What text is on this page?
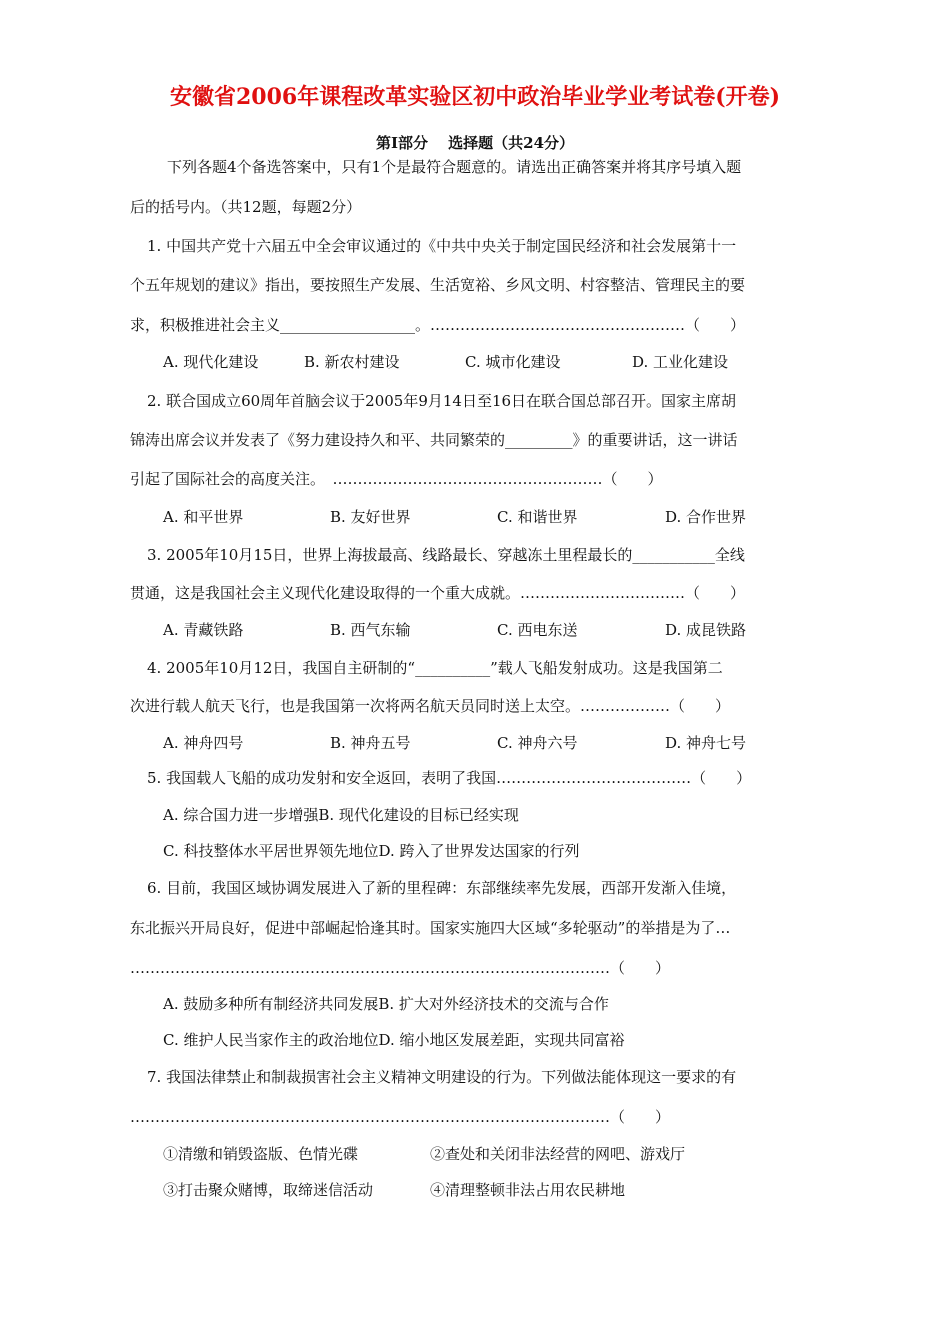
安徽省2006年课程改革实验区初中政治毕业学业考试卷(开卷)
第Ⅰ部分　 选择题（共24分）
下列各题4个备选答案中，只有1个是最符合题意的。请选出正确答案并将其序号填入题
后的括号内。（共12题，每题2分）
1. 中国共产党十六届五中全会审议通过的《中共中央关于制定国民经济和社会发展第十一
个五年规划的建议》指出，要按照生产发展、生活宽裕、乡风文明、村容整洁、管理民主的要
求，积极推进社会主义__________________。……………………………………………（　　）
A. 现代化建设	B. 新农村建设	C. 城市化建设	D. 工业化建设
2. 联合国成立60周年首脑会议于2005年9月14日至16日在联合国总部召开。国家主席胡
锦涛出席会议并发表了《努力建设持久和平、共同繁荣的_________》的重要讲话，这一讲话
引起了国际社会的高度关注。　………………………………………………（　　）
A. 和平世界	B. 友好世界	C. 和谐世界	D. 合作世界
3. 2005年10月15日，世界上海拔最高、线路最长、穿越冻土里程最长的___________全线
贯通，这是我国社会主义现代化建设取得的一个重大成就。……………………………（　　）
A. 青藏铁路	B. 西气东输	C. 西电东送	D. 成昆铁路
4. 2005年10月12日，我国自主研制的“__________”载人飞船发射成功。这是我国第二
次进行载人航天飞行，也是我国第一次将两名航天员同时送上太空。………………（　　）
A. 神舟四号	B. 神舟五号	C. 神舟六号	D. 神舟七号
5. 我国载人飞船的成功发射和安全返回，表明了我国…………………………………（　　）
A. 综合国力进一步增强B. 现代化建设的目标已经实现
C. 科技整体水平居世界领先地位D. 跨入了世界发达国家的行列
6. 目前，我国区域协调发展进入了新的里程碑：东部继续率先发展，西部开发渐入佳境，
东北振兴开局良好，促进中部崛起恰逢其时。国家实施四大区域“多轮驱动”的举措是为了…
……………………………………………………………………………………（　　）
A. 鼓励多种所有制经济共同发展B. 扩大对外经济技术的交流与合作
C. 维护人民当家作主的政治地位D. 缩小地区发展差距，实现共同富裕
7. 我国法律禁止和制裁损害社会主义精神文明建设的行为。下列做法能体现这一要求的有
……………………………………………………………………………………（　　）
①清缴和销毁盗版、色情光碟	②查处和关闭非法经营的网吧、游戏厅
③打击聚众赌博，取缔迷信活动	④清理整顿非法占用农民耕地
